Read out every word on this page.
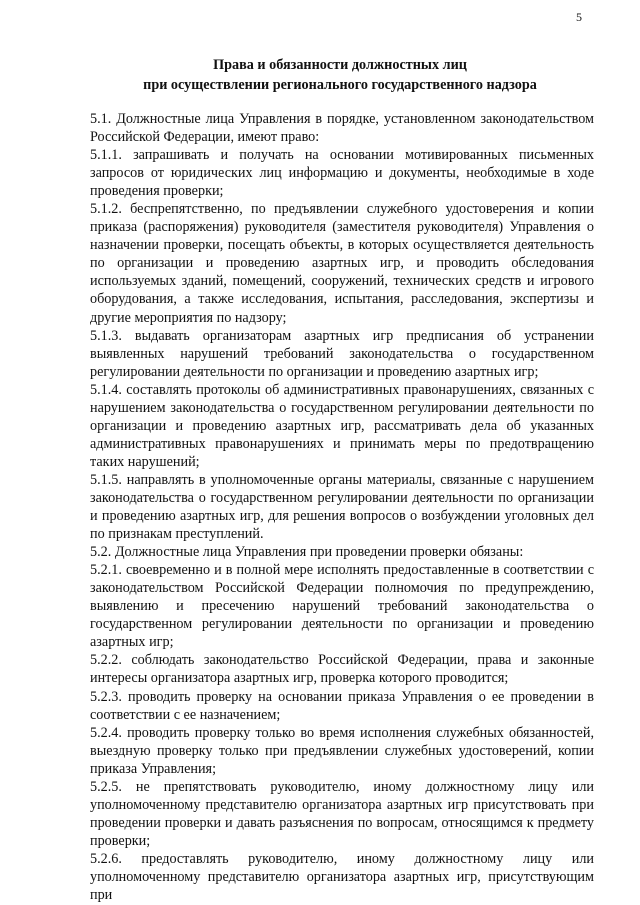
5
Права и обязанности должностных лиц
при осуществлении регионального государственного надзора

5.1. Должностные лица Управления в порядке, установленном законодательством Российской Федерации, имеют право:

5.1.1. запрашивать и получать на основании мотивированных письменных запросов от юридических лиц информацию и документы, необходимые в ходе проведения проверки;

5.1.2. беспрепятственно, по предъявлении служебного удостоверения и копии приказа (распоряжения) руководителя (заместителя руководителя) Управления о назначении проверки, посещать объекты, в которых осуществляется деятельность по организации и проведению азартных игр, и проводить обследования используемых зданий, помещений, сооружений, технических средств и игрового оборудования, а также исследования, испытания, расследования, экспертизы и другие мероприятия по надзору;

5.1.3. выдавать организаторам азартных игр предписания об устранении выявленных нарушений требований законодательства о государственном регулировании деятельности по организации и проведению азартных игр;

5.1.4. составлять протоколы об административных правонарушениях, связанных с нарушением законодательства о государственном регулировании деятельности по организации и проведению азартных игр, рассматривать дела об указанных административных правонарушениях и принимать меры по предотвращению таких нарушений;

5.1.5. направлять в уполномоченные органы материалы, связанные с нарушением законодательства о государственном регулировании деятельности по организации и проведению азартных игр, для решения вопросов о возбуждении уголовных дел по признакам преступлений.

5.2. Должностные лица Управления при проведении проверки обязаны:

5.2.1. своевременно и в полной мере исполнять предоставленные в соответствии с законодательством Российской Федерации полномочия по предупреждению, выявлению и пресечению нарушений требований законодательства о государственном регулировании деятельности по организации и проведению азартных игр;

5.2.2. соблюдать законодательство Российской Федерации, права и законные интересы организатора азартных игр, проверка которого проводится;

5.2.3. проводить проверку на основании приказа Управления о ее проведении в соответствии с ее назначением;

5.2.4. проводить проверку только во время исполнения служебных обязанностей, выездную проверку только при предъявлении служебных удостоверений, копии приказа Управления;

5.2.5. не препятствовать руководителю, иному должностному лицу или уполномоченному представителю организатора азартных игр присутствовать при проведении проверки и давать разъяснения по вопросам, относящимся к предмету проверки;

5.2.6. предоставлять руководителю, иному должностному лицу или уполномоченному представителю организатора азартных игр, присутствующим при
